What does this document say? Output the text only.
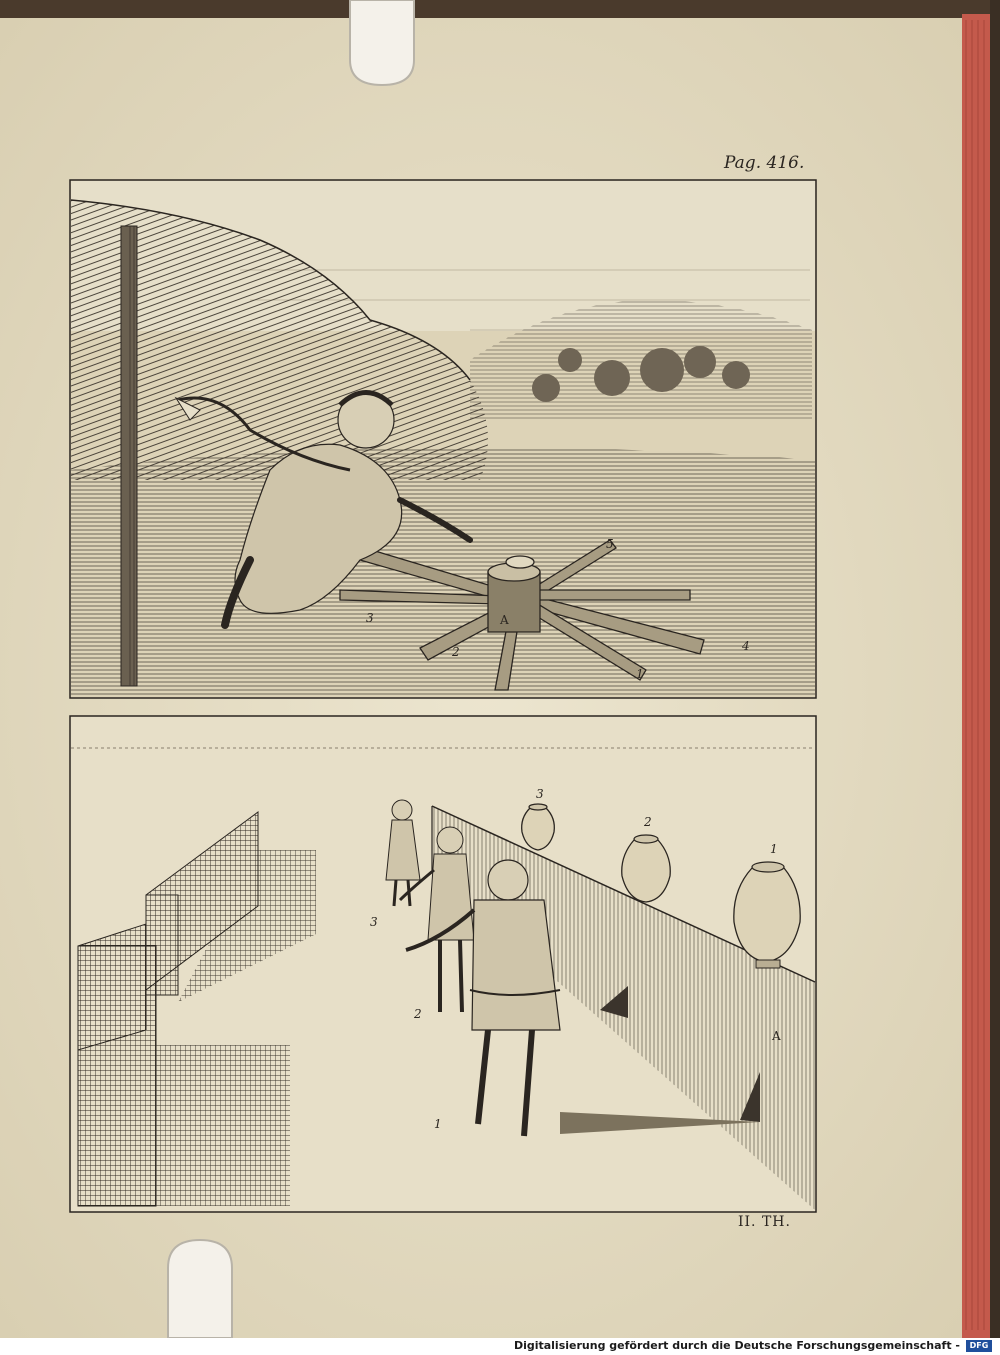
Pag. 416.
A
1
2
3
4
5
1
2
3
1
2
3
A
II. TH.
Digitalisierung gefördert durch die Deutsche Forschungsgemeinschaft -	DFG
